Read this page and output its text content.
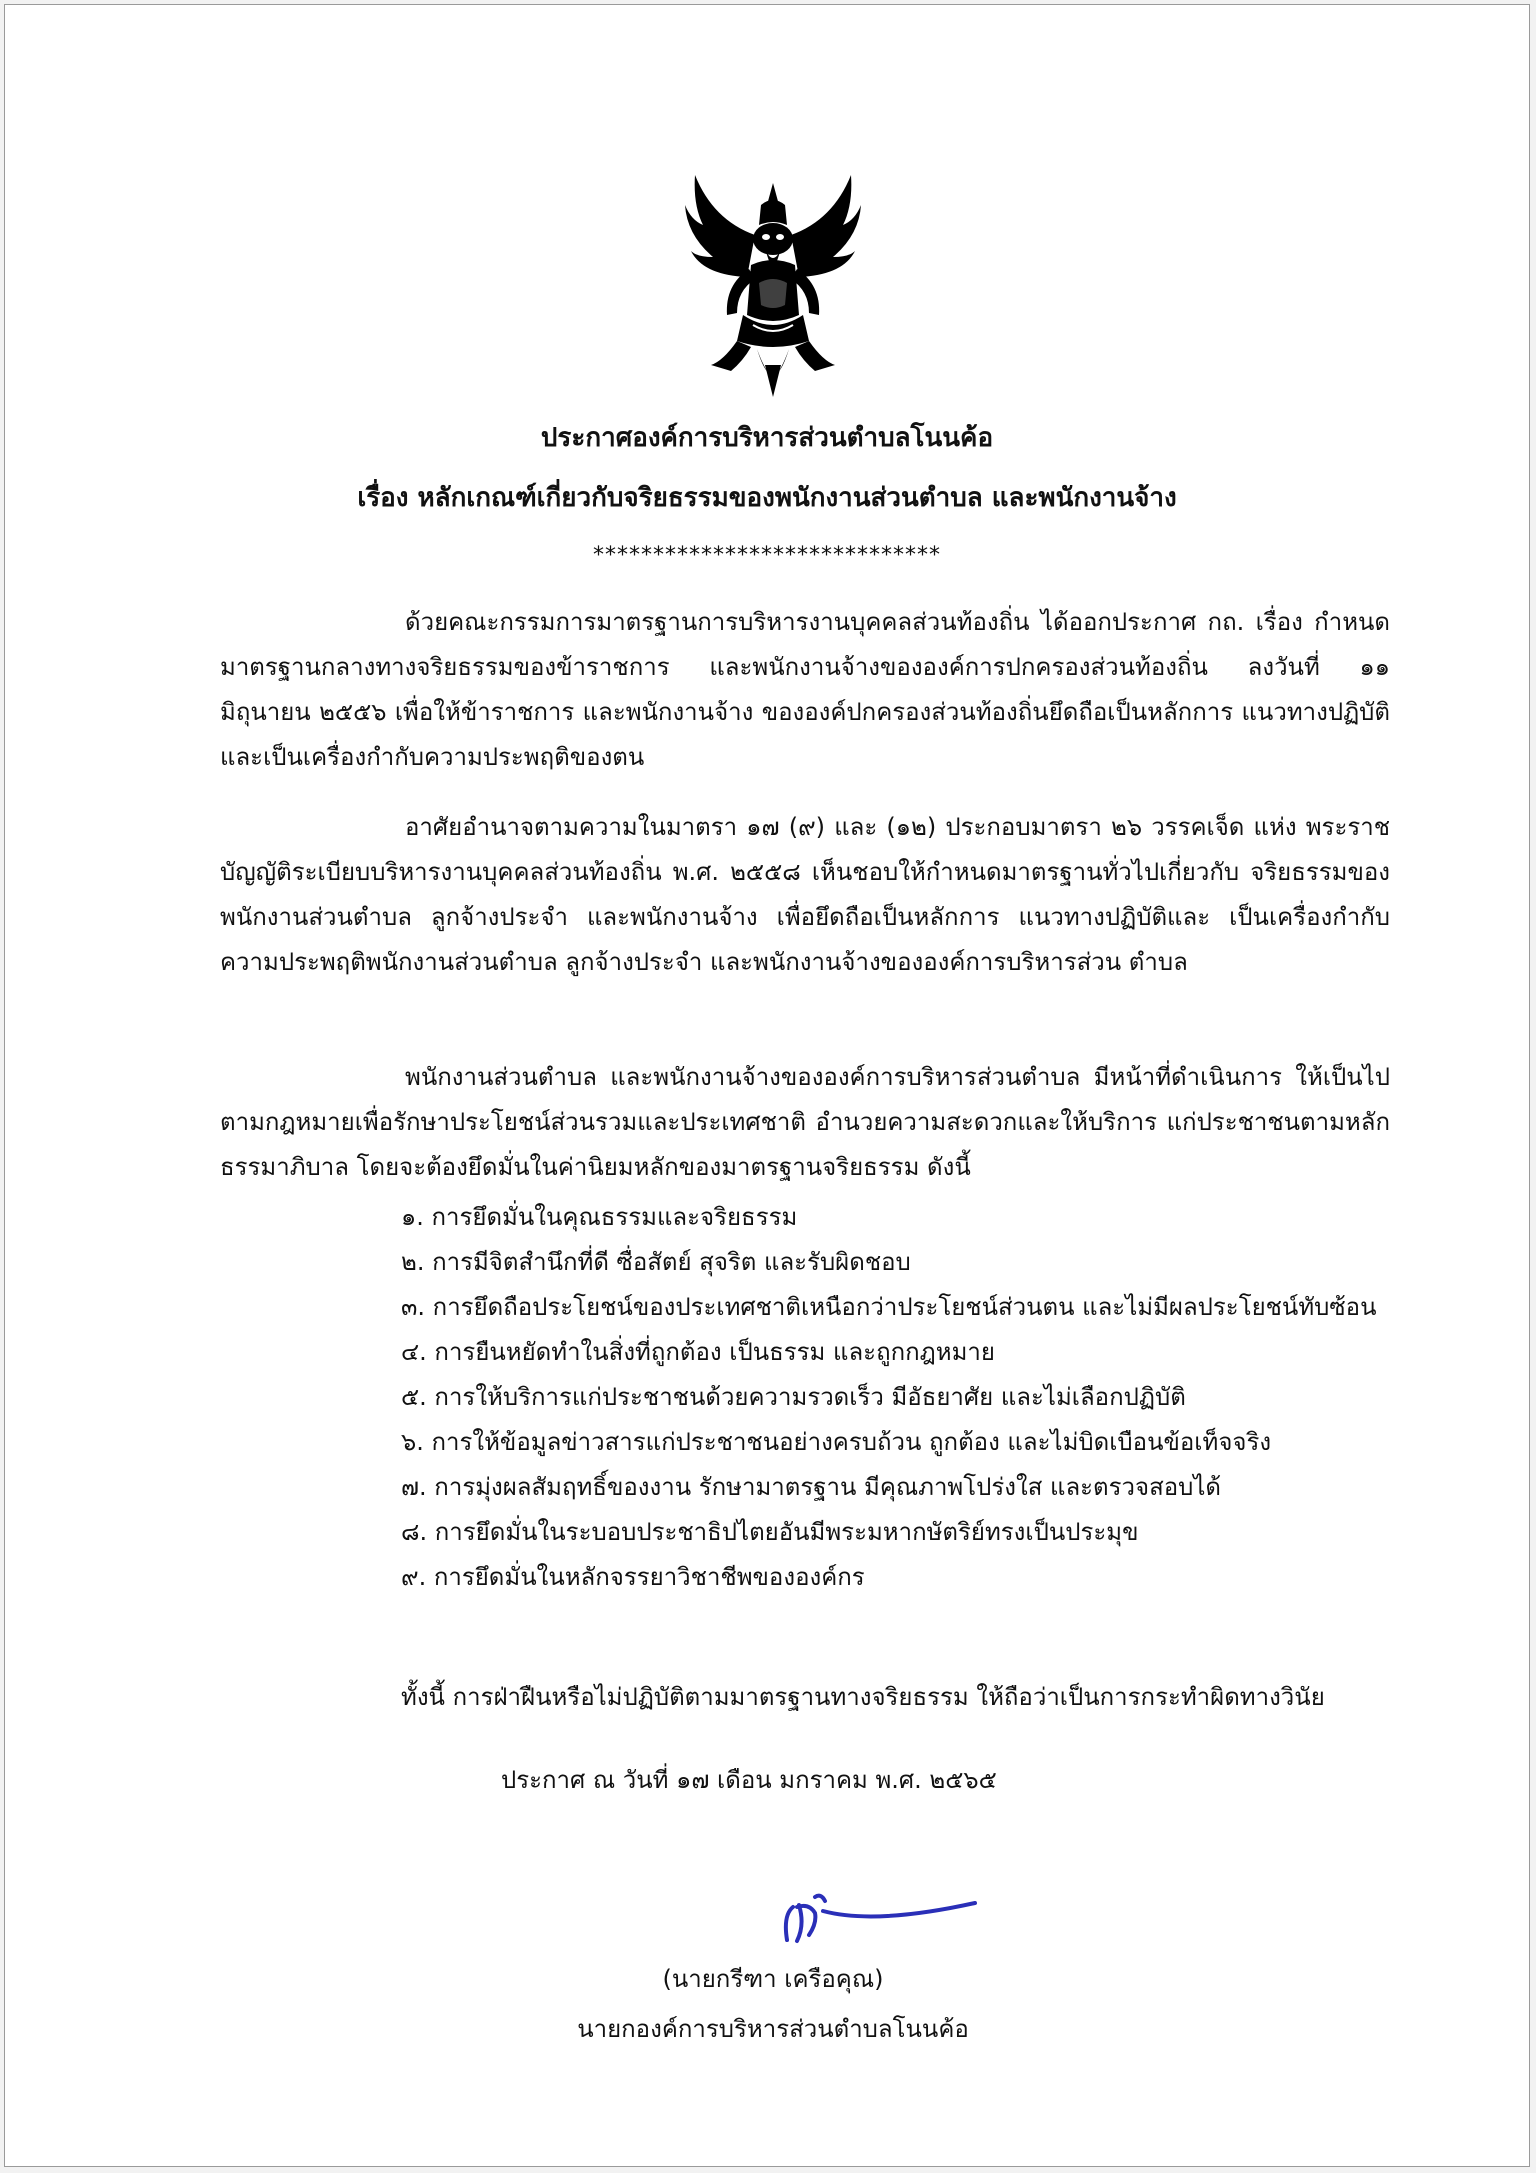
ประกาศองค์การบริหารส่วนตำบลโนนค้อ
เรื่อง หลักเกณฑ์เกี่ยวกับจริยธรรมของพนักงานส่วนตำบล และพนักงานจ้าง
*****************************

ด้วยคณะกรรมการมาตรฐานการบริหารงานบุคคลส่วนท้องถิ่น ได้ออกประกาศ กถ. เรื่อง กำหนดมาตรฐานกลางทางจริยธรรมของข้าราชการ และพนักงานจ้างขององค์การปกครองส่วนท้องถิ่น ลงวันที่ ๑๑ มิถุนายน ๒๕๕๖ เพื่อให้ข้าราชการ และพนักงานจ้าง ขององค์ปกครองส่วนท้องถิ่นยึดถือเป็นหลักการ แนวทางปฏิบัติ และเป็นเครื่องกำกับความประพฤติของตน

อาศัยอำนาจตามความในมาตรา ๑๗ (๙) และ (๑๒) ประกอบมาตรา ๒๖ วรรคเจ็ด แห่ง พระราชบัญญัติระเบียบบริหารงานบุคคลส่วนท้องถิ่น พ.ศ. ๒๕๕๘ เห็นชอบให้กำหนดมาตรฐานทั่วไปเกี่ยวกับ จริยธรรมของพนักงานส่วนตำบล ลูกจ้างประจำ และพนักงานจ้าง เพื่อยึดถือเป็นหลักการ แนวทางปฏิบัติและ เป็นเครื่องกำกับความประพฤติพนักงานส่วนตำบล ลูกจ้างประจำ และพนักงานจ้างขององค์การบริหารส่วน ตำบล

พนักงานส่วนตำบล และพนักงานจ้างขององค์การบริหารส่วนตำบล มีหน้าที่ดำเนินการ ให้เป็นไปตามกฎหมายเพื่อรักษาประโยชน์ส่วนรวมและประเทศชาติ อำนวยความสะดวกและให้บริการ แก่ประชาชนตามหลักธรรมาภิบาล โดยจะต้องยึดมั่นในค่านิยมหลักของมาตรฐานจริยธรรม ดังนี้

๑. การยึดมั่นในคุณธรรมและจริยธรรม

๒. การมีจิตสำนึกที่ดี ซื่อสัตย์ สุจริต และรับผิดชอบ

๓. การยึดถือประโยชน์ของประเทศชาติเหนือกว่าประโยชน์ส่วนตน และไม่มีผลประโยชน์ทับซ้อน

๔. การยืนหยัดทำในสิ่งที่ถูกต้อง เป็นธรรม และถูกกฎหมาย

๕. การให้บริการแก่ประชาชนด้วยความรวดเร็ว มีอัธยาศัย และไม่เลือกปฏิบัติ

๖. การให้ข้อมูลข่าวสารแก่ประชาชนอย่างครบถ้วน ถูกต้อง และไม่บิดเบือนข้อเท็จจริง

๗. การมุ่งผลสัมฤทธิ์ของงาน รักษามาตรฐาน มีคุณภาพโปร่งใส และตรวจสอบได้

๘. การยึดมั่นในระบอบประชาธิปไตยอันมีพระมหากษัตริย์ทรงเป็นประมุข

๙. การยึดมั่นในหลักจรรยาวิชาชีพขององค์กร

ทั้งนี้ การฝ่าฝืนหรือไม่ปฏิบัติตามมาตรฐานทางจริยธรรม ให้ถือว่าเป็นการกระทำผิดทางวินัย
ประกาศ ณ วันที่ ๑๗ เดือน มกราคม พ.ศ. ๒๕๖๕
(นายกรีฑา เครือคุณ)
นายกองค์การบริหารส่วนตำบลโนนค้อ
